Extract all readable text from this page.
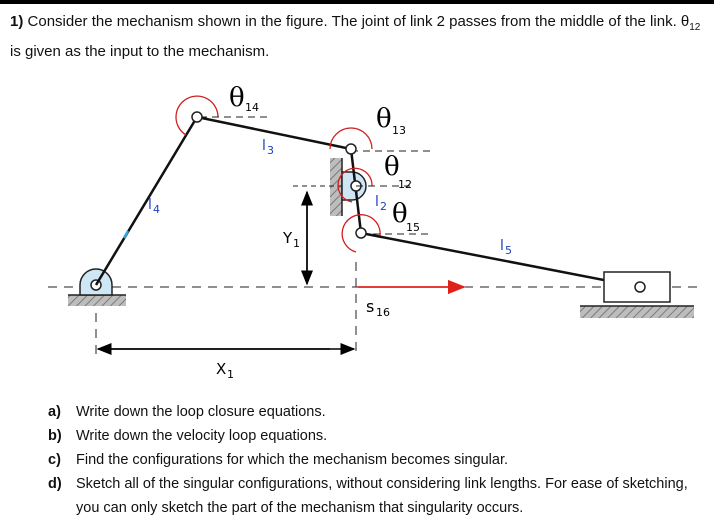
1) Consider the mechanism shown in the figure. The joint of link 2 passes from the middle of the link. $\theta_{12}$ is given as the input to the mechanism.
θ 14	θ 13
θ
12
θ
15
l 3
l 4	l 2
l 5
Y 1
X 1
s 16
a) Write down the loop closure equations.
b) Write down the velocity loop equations.
c) Find the configurations for which the mechanism becomes singular.
d) Sketch all of the singular configurations, without considering link lengths. For ease of sketching, you can only sketch the part of the mechanism that singularity occurs.
